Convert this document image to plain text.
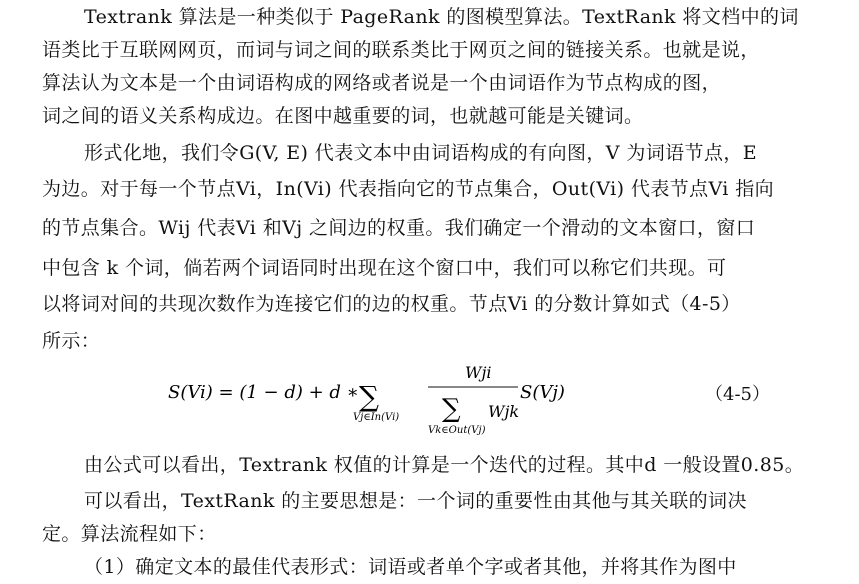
Textrank 算法是一种类似于 PageRank 的图模型算法。TextRank 将文档中的词
语类比于互联网网页，而词与词之间的联系类比于网页之间的链接关系。也就是说，
算法认为文本是一个由词语构成的网络或者说是一个由词语作为节点构成的图，
词之间的语义关系构成边。在图中越重要的词，也就越可能是关键词。
形式化地，我们令G(V, E) 代表文本中由词语构成的有向图，V 为词语节点，E
为边。对于每一个节点Vi，In(Vi) 代表指向它的节点集合，Out(Vi) 代表节点Vi 指向
的节点集合。Wij 代表Vi 和Vj 之间边的权重。我们确定一个滑动的文本窗口，窗口
中包含 k 个词，倘若两个词语同时出现在这个窗口中，我们可以称它们共现。可
以将词对间的共现次数作为连接它们的边的权重。节点Vi 的分数计算如式（4-5）
所示：
S(Vi) = (1 − d) + d ∗ ∑
Vj∈In(Vi)
Wji
∑ Wjk
Vk∈Out(Vj)
S(Vj)	（4-5）
由公式可以看出，Textrank 权值的计算是一个迭代的过程。其中d 一般设置0.85。
可以看出，TextRank 的主要思想是：一个词的重要性由其他与其关联的词决
定。算法流程如下：
（1）确定文本的最佳代表形式：词语或者单个字或者其他，并将其作为图中
